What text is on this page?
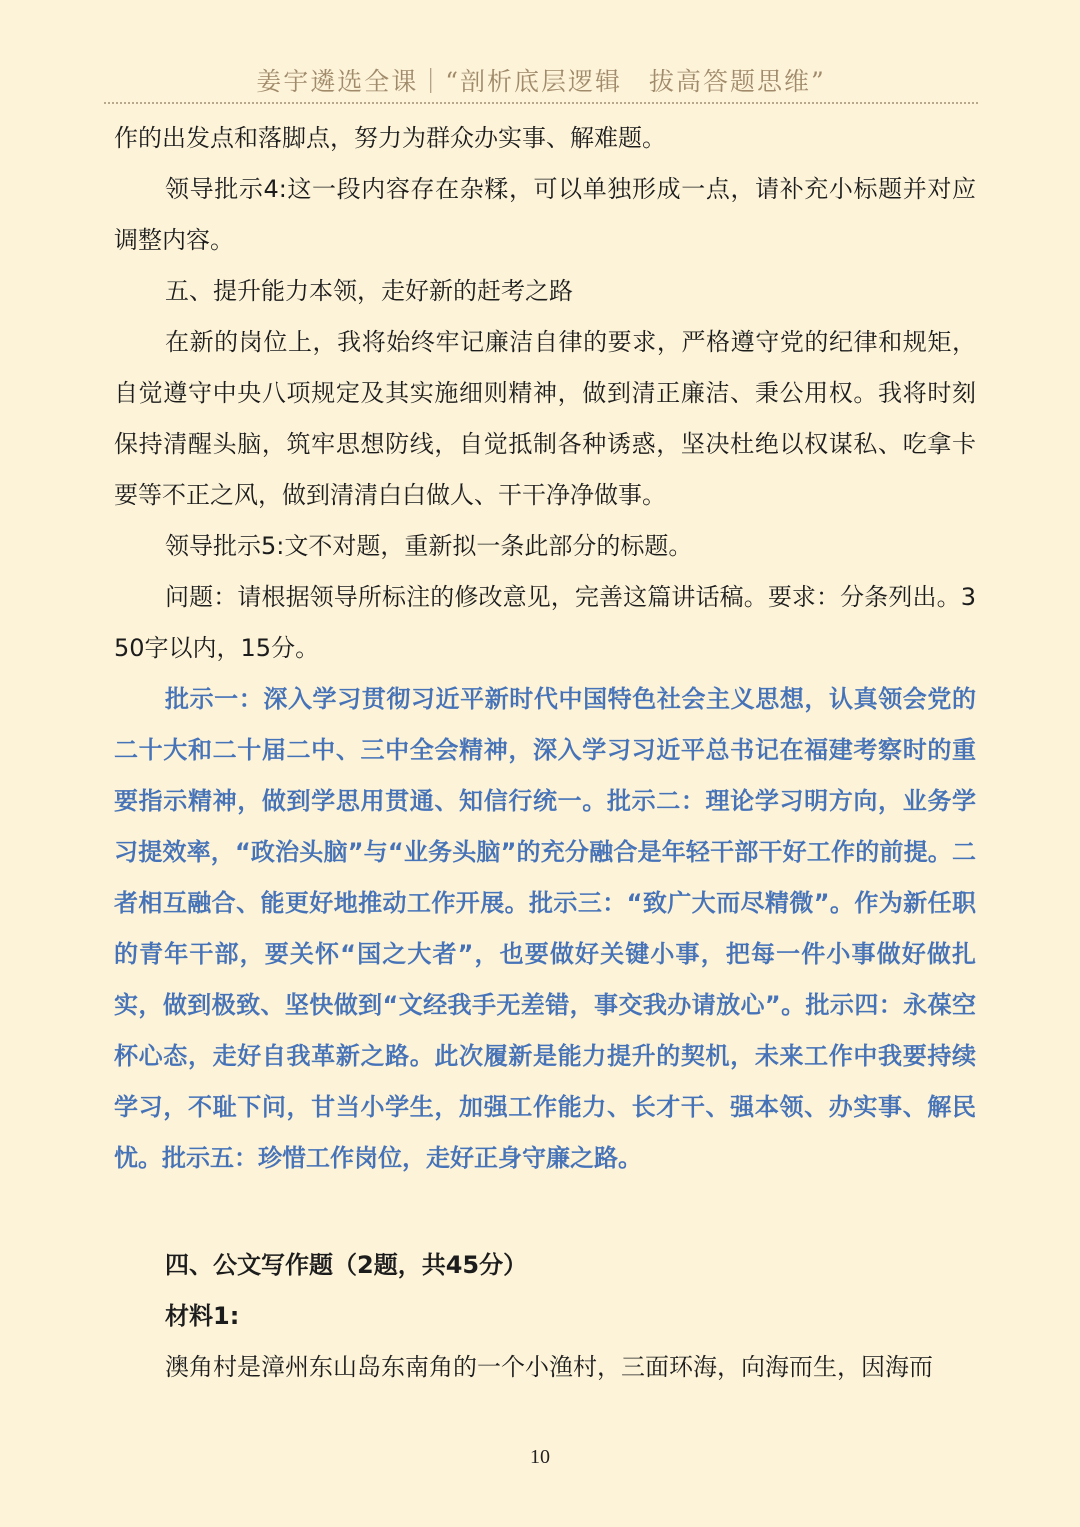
姜宇遴选全课｜“剖析底层逻辑　拔高答题思维”

作的出发点和落脚点，努力为群众办实事、解难题。

领导批示4:这一段内容存在杂糅，可以单独形成一点，请补充小标题并对应调整内容。

五、提升能力本领，走好新的赶考之路

在新的岗位上，我将始终牢记廉洁自律的要求，严格遵守党的纪律和规矩，自觉遵守中央八项规定及其实施细则精神，做到清正廉洁、秉公用权。我将时刻保持清醒头脑，筑牢思想防线，自觉抵制各种诱惑，坚决杜绝以权谋私、吃拿卡要等不正之风，做到清清白白做人、干干净净做事。

领导批示5:文不对题，重新拟一条此部分的标题。

问题：请根据领导所标注的修改意见，完善这篇讲话稿。要求：分条列出。350字以内，15分。

批示一：深入学习贯彻习近平新时代中国特色社会主义思想，认真领会党的二十大和二十届二中、三中全会精神，深入学习习近平总书记在福建考察时的重要指示精神，做到学思用贯通、知信行统一。批示二：理论学习明方向，业务学习提效率，“政治头脑”与“业务头脑”的充分融合是年轻干部干好工作的前提。二者相互融合、能更好地推动工作开展。批示三：“致广大而尽精微”。作为新任职的青年干部，要关怀“国之大者”，也要做好关键小事，把每一件小事做好做扎实，做到极致、坚快做到“文经我手无差错，事交我办请放心”。批示四：永葆空杯心态，走好自我革新之路。此次履新是能力提升的契机，未来工作中我要持续学习，不耻下问，甘当小学生，加强工作能力、长才干、强本领、办实事、解民忧。批示五：珍惜工作岗位，走好正身守廉之路。

四、公文写作题（2题，共45分）

材料1:

澳角村是漳州东山岛东南角的一个小渔村，三面环海，向海而生，因海而

10
